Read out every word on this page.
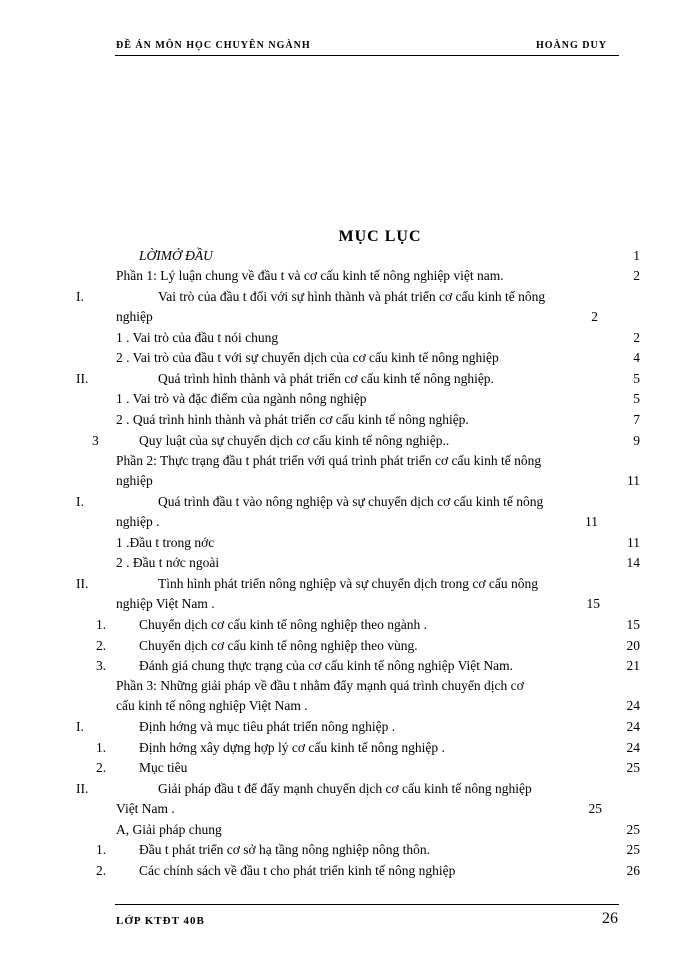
ĐỀ ÁN MÔN HỌC CHUYÊN NGÀNH	HOÀNG DUY
MỤC LỤC
LỜIMỞ ĐẦU	1
Phần 1: Lý luận chung về đầu t và cơ cấu kinh tế nông nghiệp việt nam.	2
I.	Vai trò của đầu t đối với sự hình thành và phát triển cơ cấu kinh tế nông
nghiệp	2
1 . Vai trò của đầu t nói chung	2
2 . Vai trò của đầu t với sự chuyển dịch của cơ cấu kinh tế nông nghiệp	4
II.	Quá trình hình thành và phát triển cơ cấu kinh tế nông nghiệp.	5
1 . Vai trò và đặc điểm của ngành nông nghiệp	5
2 . Quá trình hình thành và phát triển cơ cấu kinh tế nông nghiệp.	7
3	Quy luật của sự chuyển dịch cơ cấu kinh tế nông nghiệp..	9
Phần 2: Thực trạng đầu t phát triển với quá trình phát triển cơ cấu kinh tế nông
nghiệp	11
I.	Quá trình đầu t vào nông nghiệp và sự chuyển dịch cơ cấu kinh tế nông
nghiệp .	11
1 .Đầu t trong nớc	11
2 . Đầu t nớc ngoài	14
II.	Tình hình phát triển nông nghiệp và sự chuyển dịch trong cơ cấu nông
nghiệp Việt Nam .	15
1. Chuyển dịch cơ cấu kinh tế nông nghiệp theo ngành .	15
2. Chuyển dịch cơ cấu kinh tế nông nghiệp theo vùng.	20
3. Đánh giá chung thực trạng của cơ cấu kinh tế nông nghiệp Việt Nam.	21
Phần 3: Những giải pháp về đầu t nhằm đẩy mạnh quá trình chuyển dịch cơ
cấu kinh tế nông nghiệp Việt Nam .	24
I.	Định hớng và mục tiêu phát triển nông nghiệp .	24
1. Định hớng xây dựng hợp lý cơ cấu kinh tế nông nghiệp .	24
2. Mục tiêu	25
II.	Giải pháp đầu t để đẩy mạnh chuyển dịch cơ cấu kinh tế nông nghiệp
Việt Nam .	25
A, Giải pháp chung	25
1. Đầu t phát triển cơ sở hạ tầng nông nghiệp nông thôn.	25
2. Các chính sách về đầu t cho phát triển kinh tế nông nghiệp	26
LỚP KTĐT 40B	26
